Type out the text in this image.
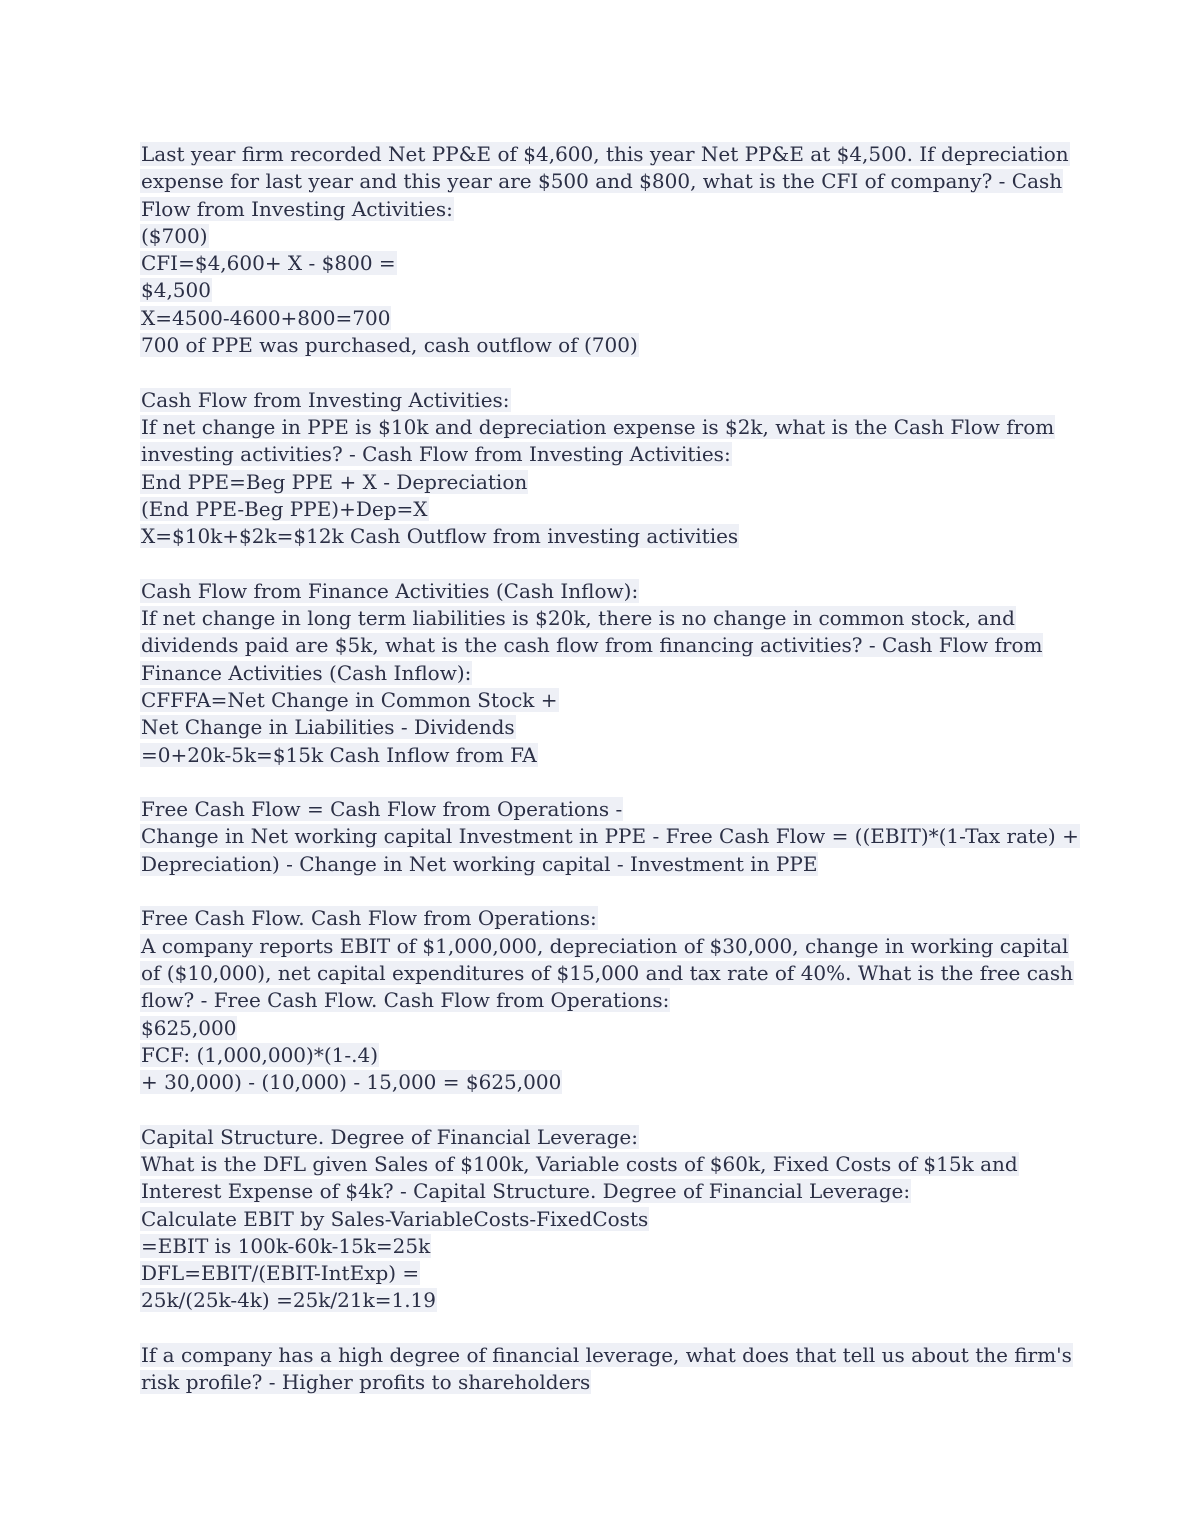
Last year firm recorded Net PP&E of $4,600, this year Net PP&E at $4,500. If depreciation
expense for last year and this year are $500 and $800, what is the CFI of company? - Cash
Flow from Investing Activities:
($700)
CFI=$4,600+ X - $800 =
$4,500
X=4500-4600+800=700
700 of PPE was purchased, cash outflow of (700)
Cash Flow from Investing Activities:
If net change in PPE is $10k and depreciation expense is $2k, what is the Cash Flow from
investing activities? - Cash Flow from Investing Activities:
End PPE=Beg PPE + X - Depreciation
(End PPE-Beg PPE)+Dep=X
X=$10k+$2k=$12k Cash Outflow from investing activities
Cash Flow from Finance Activities (Cash Inflow):
If net change in long term liabilities is $20k, there is no change in common stock, and
dividends paid are $5k, what is the cash flow from financing activities? - Cash Flow from
Finance Activities (Cash Inflow):
CFFFA=Net Change in Common Stock +
Net Change in Liabilities - Dividends
=0+20k-5k=$15k Cash Inflow from FA
Free Cash Flow = Cash Flow from Operations -
Change in Net working capital Investment in PPE - Free Cash Flow = ((EBIT)*(1-Tax rate) +
Depreciation) - Change in Net working capital - Investment in PPE
Free Cash Flow. Cash Flow from Operations:
A company reports EBIT of $1,000,000, depreciation of $30,000, change in working capital
of ($10,000), net capital expenditures of $15,000 and tax rate of 40%. What is the free cash
flow? - Free Cash Flow. Cash Flow from Operations:
$625,000
FCF: (1,000,000)*(1-.4)
+ 30,000) - (10,000) - 15,000 = $625,000
Capital Structure. Degree of Financial Leverage:
What is the DFL given Sales of $100k, Variable costs of $60k, Fixed Costs of $15k and
Interest Expense of $4k? - Capital Structure. Degree of Financial Leverage:
Calculate EBIT by Sales-VariableCosts-FixedCosts
=EBIT is 100k-60k-15k=25k
DFL=EBIT/(EBIT-IntExp) =
25k/(25k-4k) =25k/21k=1.19
If a company has a high degree of financial leverage, what does that tell us about the firm's
risk profile? - Higher profits to shareholders
